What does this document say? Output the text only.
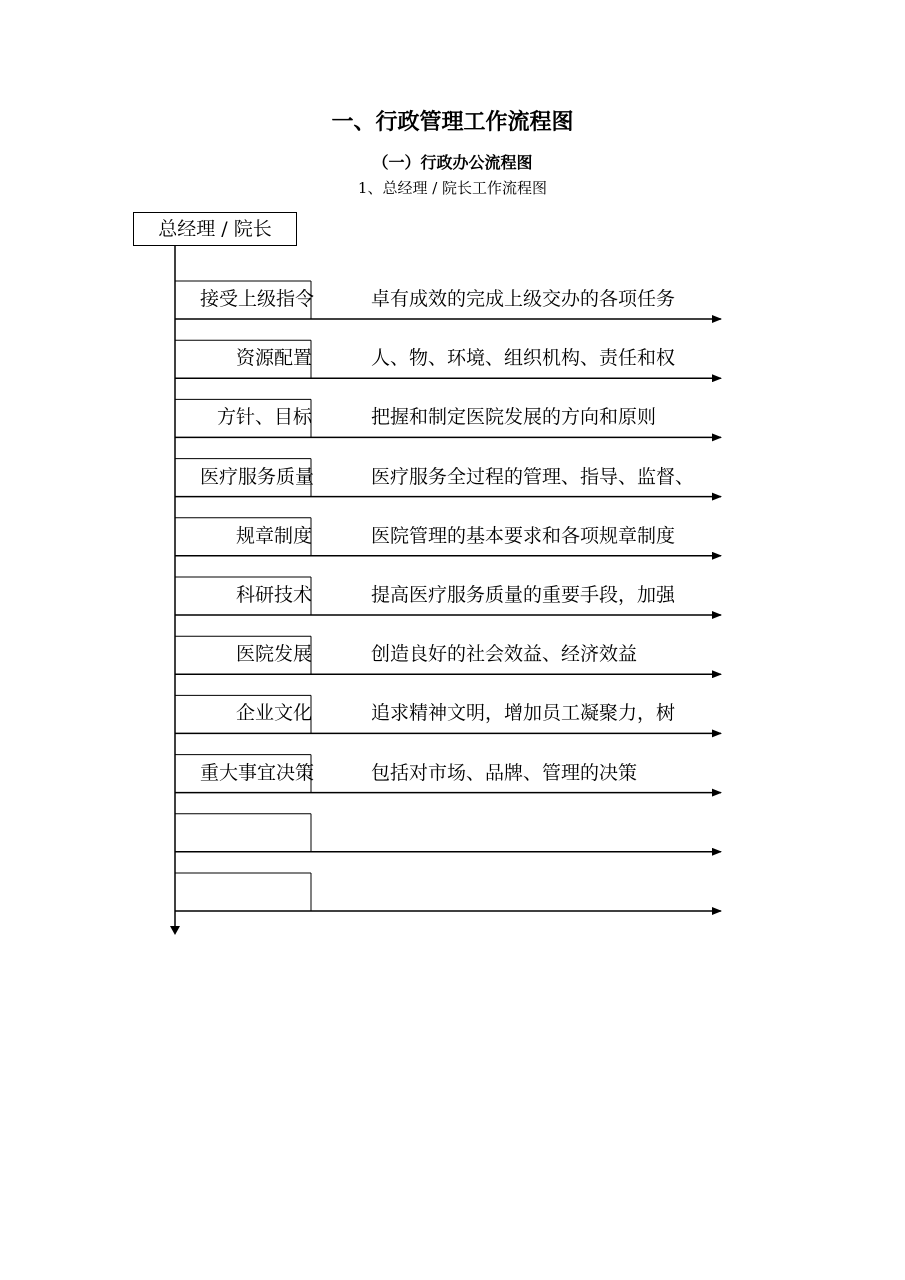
一、行政管理工作流程图
（一）行政办公流程图
1、总经理 / 院长工作流程图
总经理 / 院长
接受上级指令	卓有成效的完成上级交办的各项任务
资源配置	人、物、环境、组织机构、责任和权
方针、目标	把握和制定医院发展的方向和原则
医疗服务质量	医疗服务全过程的管理、指导、监督、
规章制度	医院管理的基本要求和各项规章制度
科研技术	提高医疗服务质量的重要手段，加强
医院发展	创造良好的社会效益、经济效益
企业文化	追求精神文明，增加员工凝聚力，树
重大事宜决策	包括对市场、品牌、管理的决策
